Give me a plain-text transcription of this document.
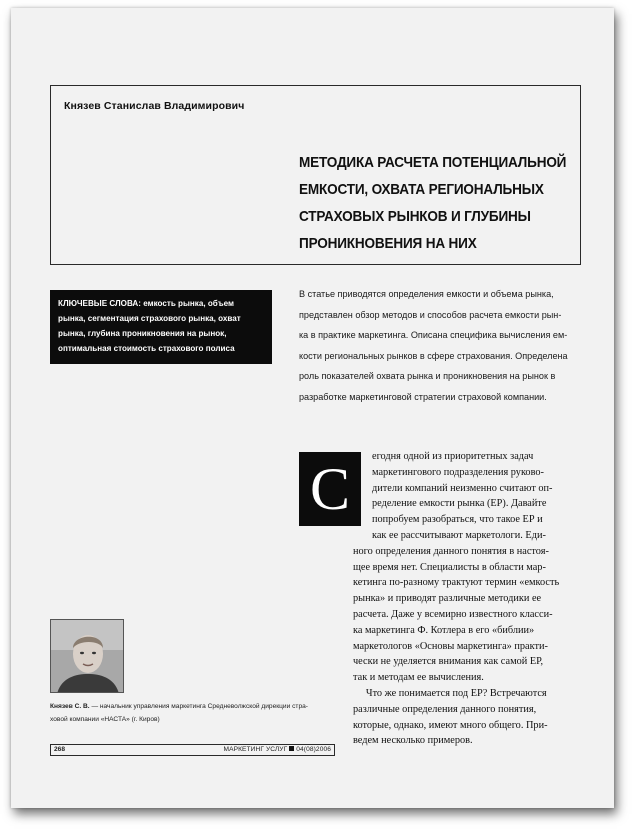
Князев Станислав Владимирович
МЕТОДИКА РАСЧЕТА ПОТЕНЦИАЛЬНОЙ
ЕМКОСТИ, ОХВАТА РЕГИОНАЛЬНЫХ
СТРАХОВЫХ РЫНКОВ И ГЛУБИНЫ
ПРОНИКНОВЕНИЯ НА НИХ
КЛЮЧЕВЫЕ СЛОВА: емкость рынка, объем
рынка, сегментация страхового рынка, охват
рынка, глубина проникновения на рынок,
оптимальная стоимость страхового полиса
В статье приводятся определения емкости и объема рынка,
представлен обзор методов и способов расчета емкости рын-
ка в практике маркетинга. Описана специфика вычисления ем-
кости региональных рынков в сфере страхования. Определена
роль показателей охвата рынка и проникновения на рынок в
разработке маркетинговой стратегии страховой компании.
С	егодня одной из приоритетных задач
маркетингового подразделения руково-
дители компаний неизменно считают оп-
ределение емкости рынка (ЕР). Давайте
попробуем разобраться, что такое ЕР и
Князев С. В. — начальник управления маркетинга Средневолжской дирекции стра-
ховой компании «НАСТА» (г. Киров)
268	МАРКЕТИНГ УСЛУГ 04(08)2006
как ее рассчитывают маркетологи. Еди-
ного определения данного понятия в настоя-
щее время нет. Специалисты в области мар-
кетинга по-разному трактуют термин «емкость
рынка» и приводят различные методики ее
расчета. Даже у всемирно известного класси-
ка маркетинга Ф. Котлера в его «библии»
маркетологов «Основы маркетинга» практи-
чески не уделяется внимания как самой ЕР,
так и методам ее вычисления.
Что же понимается под ЕР? Встречаются
различные определения данного понятия,
которые, однако, имеют много общего. При-
ведем несколько примеров.
